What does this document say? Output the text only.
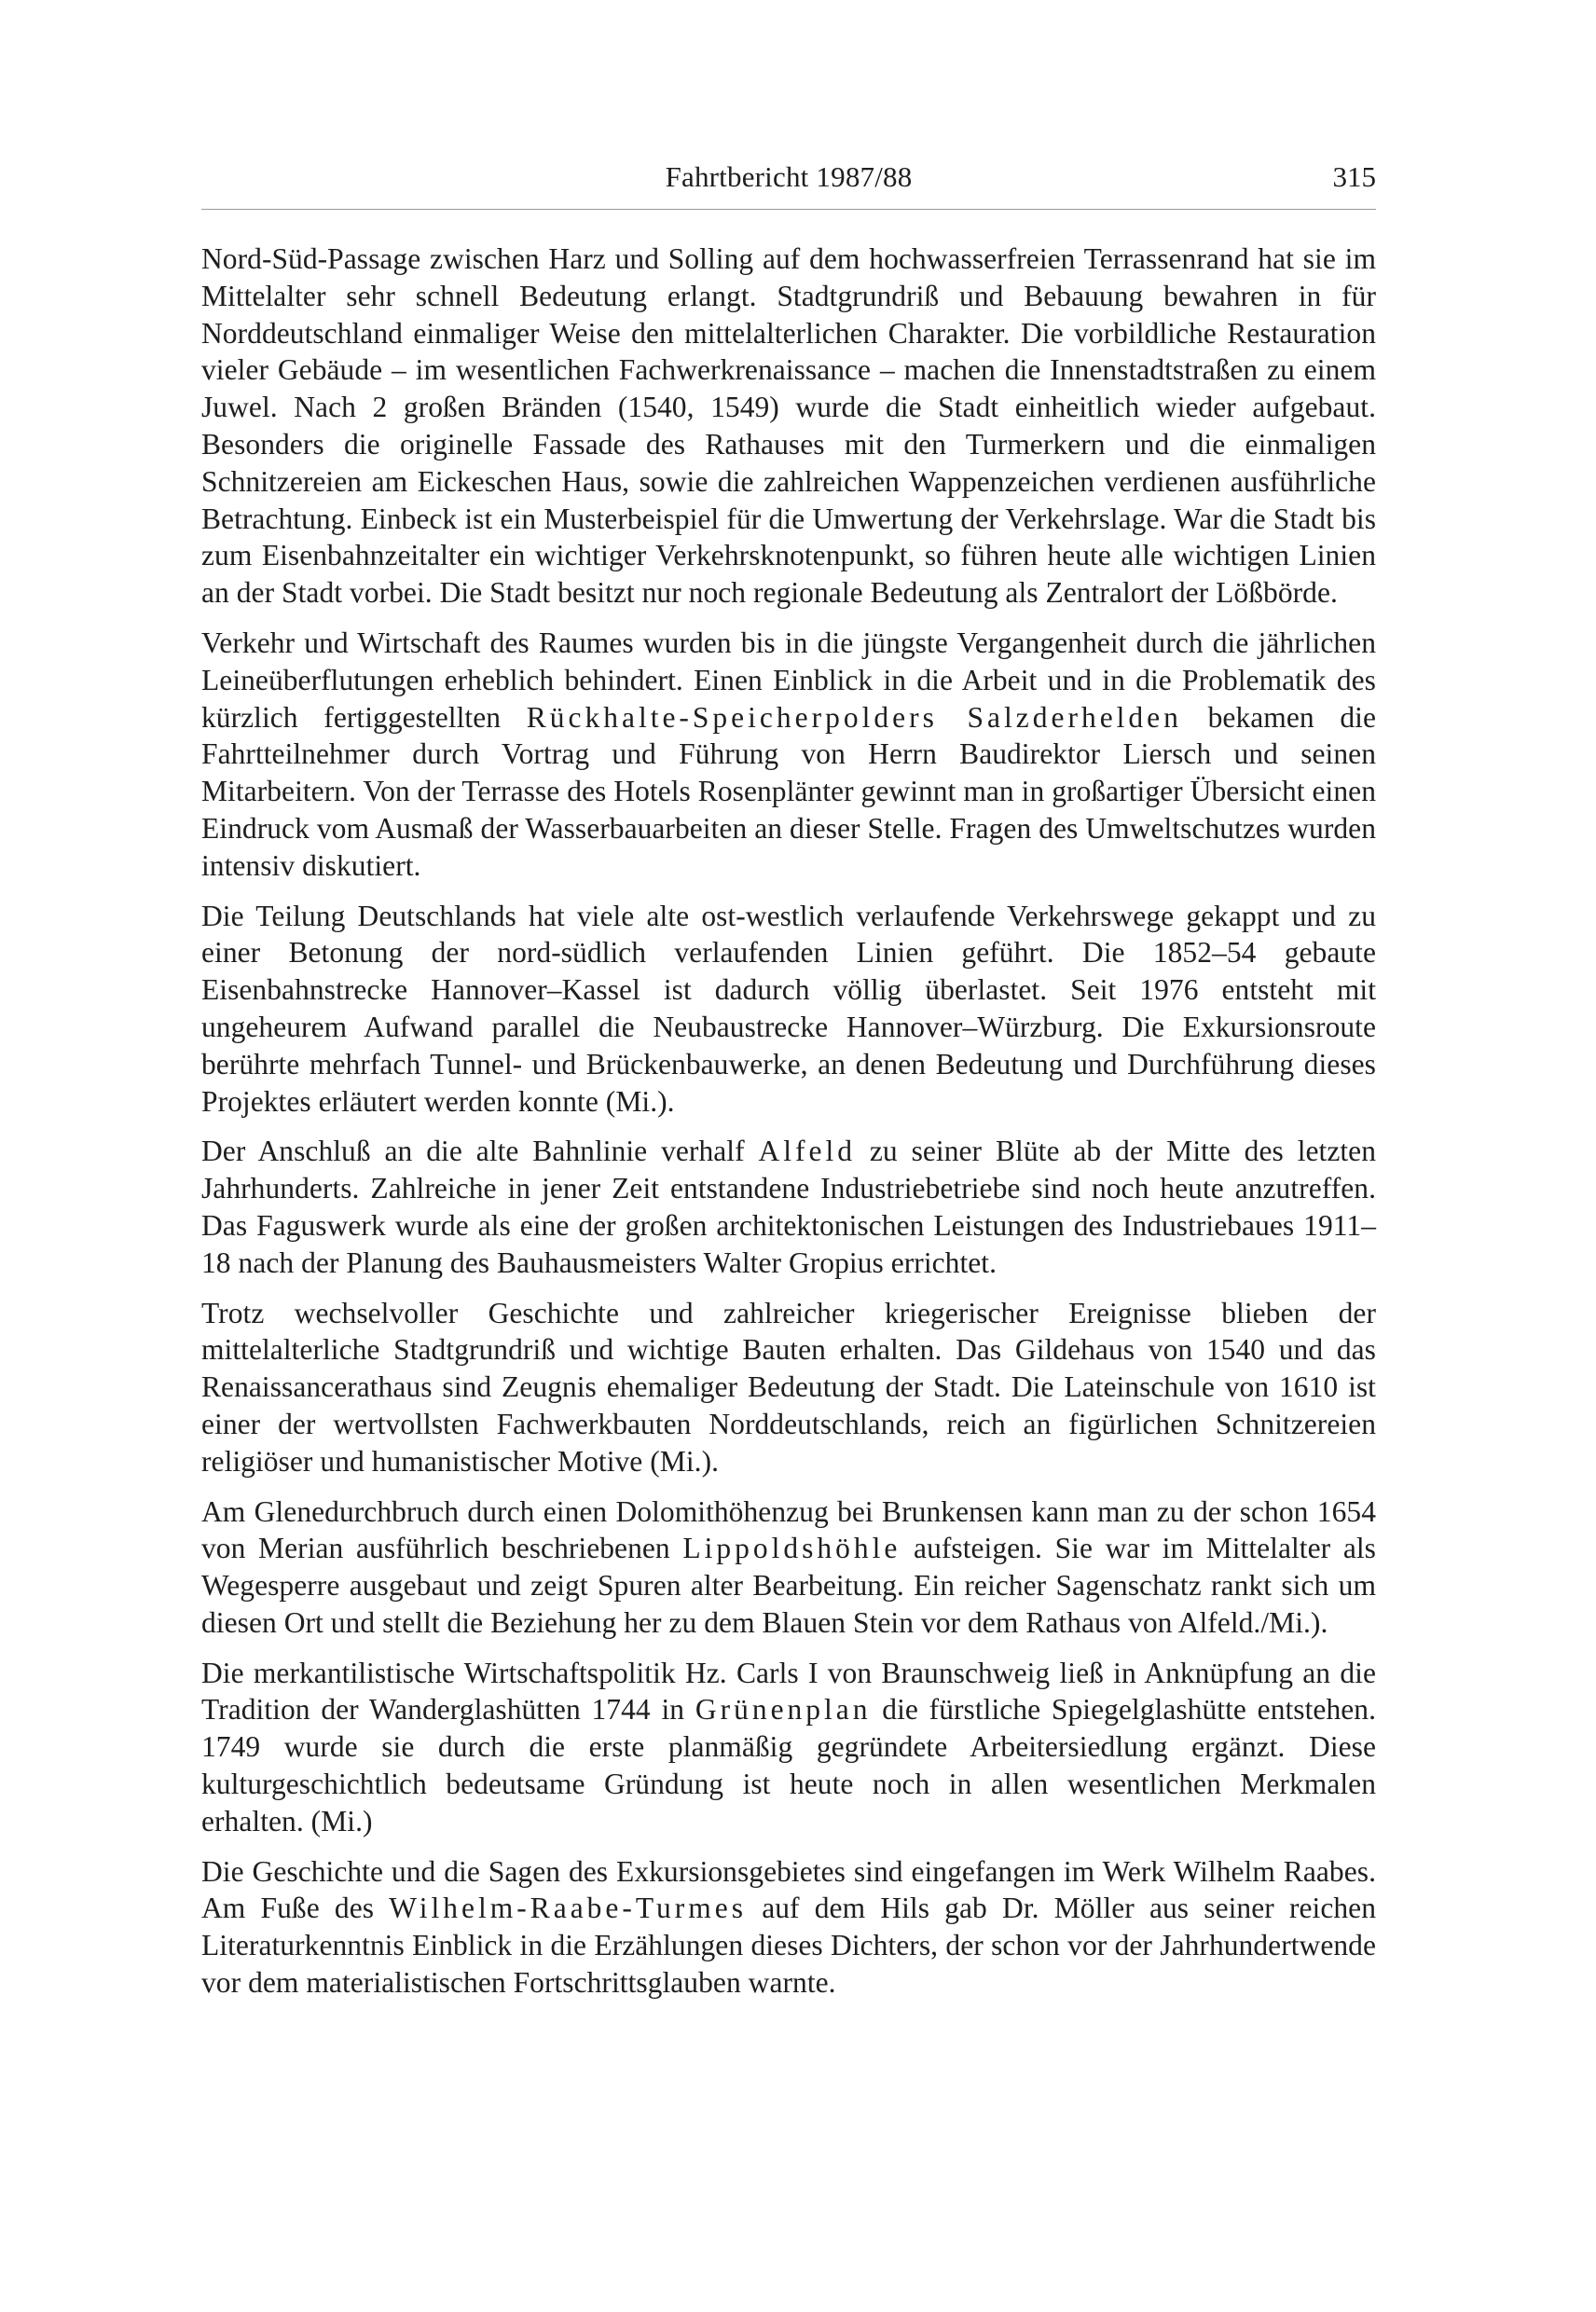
Fahrtbericht 1987/88	315

Nord-Süd-Passage zwischen Harz und Solling auf dem hochwasserfreien Terrassenrand hat sie im Mittelalter sehr schnell Bedeutung erlangt. Stadtgrundriß und Bebauung bewahren in für Norddeutschland einmaliger Weise den mittelalterlichen Charakter. Die vorbildliche Restauration vieler Gebäude – im wesentlichen Fachwerkrenaissance – machen die Innenstadtstraßen zu einem Juwel. Nach 2 großen Bränden (1540, 1549) wurde die Stadt einheitlich wieder aufgebaut. Besonders die originelle Fassade des Rathauses mit den Turmerkern und die einmaligen Schnitzereien am Eickeschen Haus, sowie die zahlreichen Wappenzeichen verdienen ausführliche Betrachtung. Einbeck ist ein Musterbeispiel für die Umwertung der Verkehrslage. War die Stadt bis zum Eisenbahnzeitalter ein wichtiger Verkehrsknotenpunkt, so führen heute alle wichtigen Linien an der Stadt vorbei. Die Stadt besitzt nur noch regionale Bedeutung als Zentralort der Lößbörde.

Verkehr und Wirtschaft des Raumes wurden bis in die jüngste Vergangenheit durch die jährlichen Leineüberflutungen erheblich behindert. Einen Einblick in die Arbeit und in die Problematik des kürzlich fertiggestellten Rückhalte-Speicherpolders Salzderhelden bekamen die Fahrtteilnehmer durch Vortrag und Führung von Herrn Baudirektor Liersch und seinen Mitarbeitern. Von der Terrasse des Hotels Rosenplänter gewinnt man in großartiger Übersicht einen Eindruck vom Ausmaß der Wasserbauarbeiten an dieser Stelle. Fragen des Umweltschutzes wurden intensiv diskutiert.

Die Teilung Deutschlands hat viele alte ost-westlich verlaufende Verkehrswege gekappt und zu einer Betonung der nord-südlich verlaufenden Linien geführt. Die 1852–54 gebaute Eisenbahnstrecke Hannover–Kassel ist dadurch völlig überlastet. Seit 1976 entsteht mit ungeheurem Aufwand parallel die Neubaustrecke Hannover–Würzburg. Die Exkursionsroute berührte mehrfach Tunnel- und Brückenbauwerke, an denen Bedeutung und Durchführung dieses Projektes erläutert werden konnte (Mi.).

Der Anschluß an die alte Bahnlinie verhalf Alfeld zu seiner Blüte ab der Mitte des letzten Jahrhunderts. Zahlreiche in jener Zeit entstandene Industriebetriebe sind noch heute anzutreffen. Das Faguswerk wurde als eine der großen architektonischen Leistungen des Industriebaues 1911–18 nach der Planung des Bauhausmeisters Walter Gropius errichtet.

Trotz wechselvoller Geschichte und zahlreicher kriegerischer Ereignisse blieben der mittelalterliche Stadtgrundriß und wichtige Bauten erhalten. Das Gildehaus von 1540 und das Renaissancerathaus sind Zeugnis ehemaliger Bedeutung der Stadt. Die Lateinschule von 1610 ist einer der wertvollsten Fachwerkbauten Norddeutschlands, reich an figürlichen Schnitzereien religiöser und humanistischer Motive (Mi.).

Am Glenedurchbruch durch einen Dolomithöhenzug bei Brunkensen kann man zu der schon 1654 von Merian ausführlich beschriebenen Lippoldshöhle aufsteigen. Sie war im Mittelalter als Wegesperre ausgebaut und zeigt Spuren alter Bearbeitung. Ein reicher Sagenschatz rankt sich um diesen Ort und stellt die Beziehung her zu dem Blauen Stein vor dem Rathaus von Alfeld./Mi.).

Die merkantilistische Wirtschaftspolitik Hz. Carls I von Braunschweig ließ in Anknüpfung an die Tradition der Wanderglashütten 1744 in Grünenplan die fürstliche Spiegelglashütte entstehen. 1749 wurde sie durch die erste planmäßig gegründete Arbeitersiedlung ergänzt. Diese kulturgeschichtlich bedeutsame Gründung ist heute noch in allen wesentlichen Merkmalen erhalten. (Mi.)

Die Geschichte und die Sagen des Exkursionsgebietes sind eingefangen im Werk Wilhelm Raabes. Am Fuße des Wilhelm-Raabe-Turmes auf dem Hils gab Dr. Möller aus seiner reichen Literaturkenntnis Einblick in die Erzählungen dieses Dichters, der schon vor der Jahrhundertwende vor dem materialistischen Fortschrittsglauben warnte.
